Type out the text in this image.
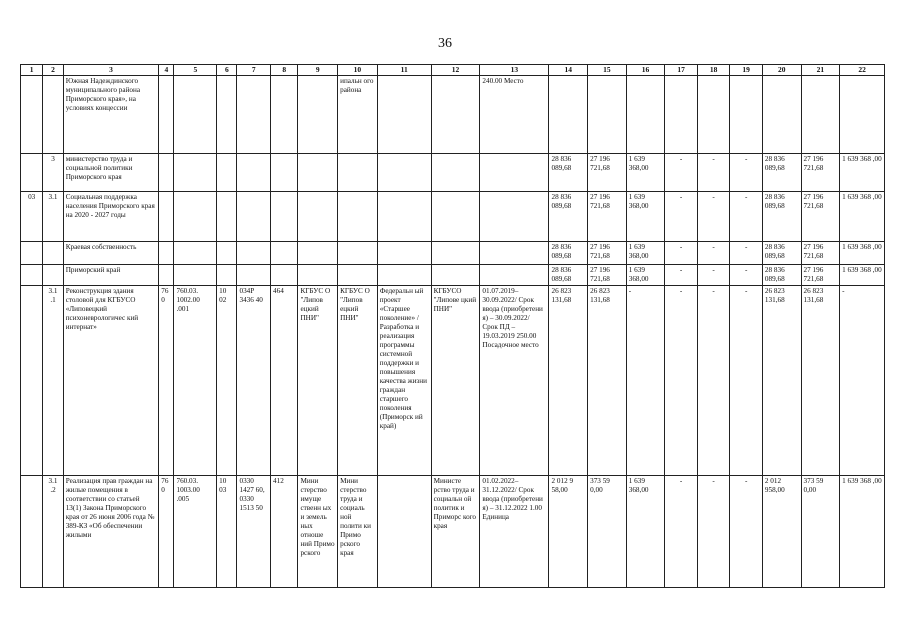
36
1	2	3	4	5	6	7	8	9	10	11	12	13	14	15	16	17	18	19	20	21	22
		Южная Надеждинского муниципального района Приморского края», на условиях концессии							ипальн ого района			240.00 Место									
	3	министерство труда и социальной политики Приморского края											28 836 089,68	27 196 721,68	1 639 368,00	-	-	-	28 836 089,68	27 196 721,68	1 639 368 ,00
03	3.1	Социальная поддержка населения Приморского края на 2020 - 2027 годы											28 836 089,68	27 196 721,68	1 639 368,00	-	-	-	28 836 089,68	27 196 721,68	1 639 368 ,00
		Краевая собственность											28 836 089,68	27 196 721,68	1 639 368,00	-	-	-	28 836 089,68	27 196 721,68	1 639 368 ,00
		Приморский край											28 836 089,68	27 196 721,68	1 639 368,00	-	-	-	28 836 089,68	27 196 721,68	1 639 368 ,00
	3.1 .1	Реконструкция здания столовой для КГБУСО «Липовецкий психоневрологичес кий интернат»	76 0	760.03. 1002.00 .001	10 02	034Р 3436 40	464	КГБУС О "Липов ецкий ПНИ"	КГБУС О "Липов ецкий ПНИ"	Федеральн ый проект «Старшее поколение» /Разработка и реализация программы системной поддержки и повышения качества жизни граждан старшего поколения (Приморск ий край)	КГБУСО "Липове цкий ПНИ"	01.07.2019– 30.09.2022/ Срок ввода (приобретени я) – 30.09.2022/ Срок ПД – 19.03.2019 250.00 Посадочное место	26 823 131,68	26 823 131,68	-	-	-	-	26 823 131,68	26 823 131,68	-
	3.1 .2	Реализация прав граждан на жилые помещения в соответствии со статьей 13(1) Закона Приморского края от 26 июня 2006 года № 389-КЗ «Об обеспечении жилыми	76 0	760.03. 1003.00 .005	10 03	0330 1427 60, 0330 1513 50	412	Мини стерство имуще ственн ых и земель ных отноше ний Примо рского	Мини стерство труда и социаль ной полити ки Примо рского края		Министе рство труда и социальн ой политик и Приморс кого края	01.02.2022– 31.12.2022/ Срок ввода (приобретени я) – 31.12.2022 1.00 Единица	2 012 9 58,00	373 59 0,00	1 639 368,00	-	-	-	2 012 958,00	373 59 0,00	1 639 368 ,00
